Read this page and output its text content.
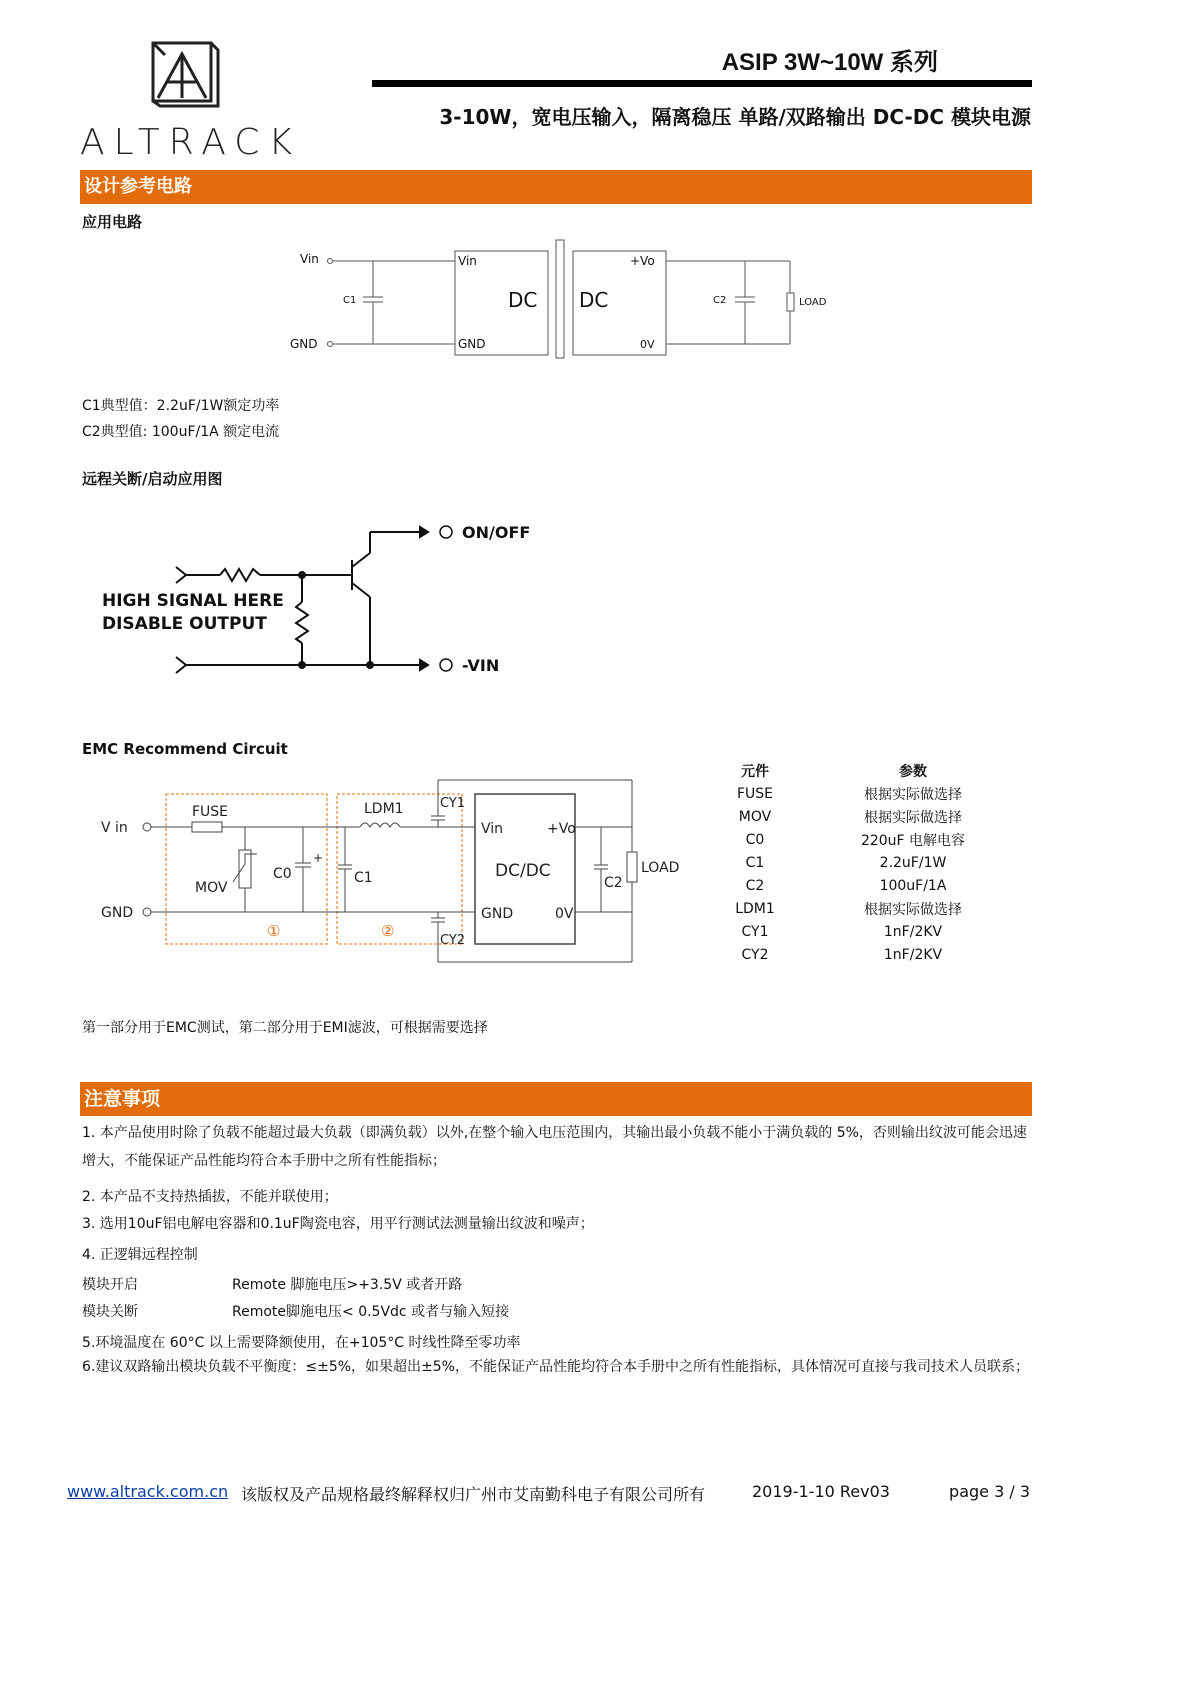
ALTRACK
ASIP 3W~10W 系列
3-10W，宽电压输入，隔离稳压 单路/双路输出 DC-DC 模块电源
设计参考电路
应用电路
Vin
GND
C1
Vin
GND
DC DC
+Vo
0V
C2	LOAD
C1典型值：2.2uF/1W额定功率
C2典型值: 100uF/1A 额定电流
远程关断/启动应用图
ON/OFF
-VIN
HIGH SIGNAL HERE
DISABLE OUTPUT
EMC Recommend Circuit
V in
GND
FUSE
MOV
C0
+
C1
LDM1	CY1
CY2
Vin	+Vo
DC/DC
GND	0V
C2
LOAD
①	②
元件	参数
FUSE	根据实际做选择
MOV	根据实际做选择
C0	220uF 电解电容
C1	2.2uF/1W
C2	100uF/1A
LDM1	根据实际做选择
CY1	1nF/2KV
CY2	1nF/2KV
第一部分用于EMC测试，第二部分用于EMI滤波，可根据需要选择
注意事项
1. 本产品使用时除了负载不能超过最大负载（即满负载）以外,在整个输入电压范围内，其输出最小负载不能小于满负载的 5%，否则输出纹波可能会迅速增大，不能保证产品性能均符合本手册中之所有性能指标；
2. 本产品不支持热插拔，不能并联使用；
3. 选用10uF铝电解电容器和0.1uF陶瓷电容，用平行测试法测量输出纹波和噪声；
4. 正逻辑远程控制
模块开启	Remote 脚施电压>+3.5V 或者开路
模块关断	Remote脚施电压< 0.5Vdc 或者与输入短接
5.环境温度在 60°C 以上需要降额使用，在+105°C 时线性降至零功率
6.建议双路输出模块负载不平衡度：≤±5%，如果超出±5%，不能保证产品性能均符合本手册中之所有性能指标，具体情况可直接与我司技术人员联系；
www.altrack.com.cn 该版权及产品规格最终解释权归广州市艾南勤科电子有限公司所有	2019-1-10 Rev03	page 3 / 3
